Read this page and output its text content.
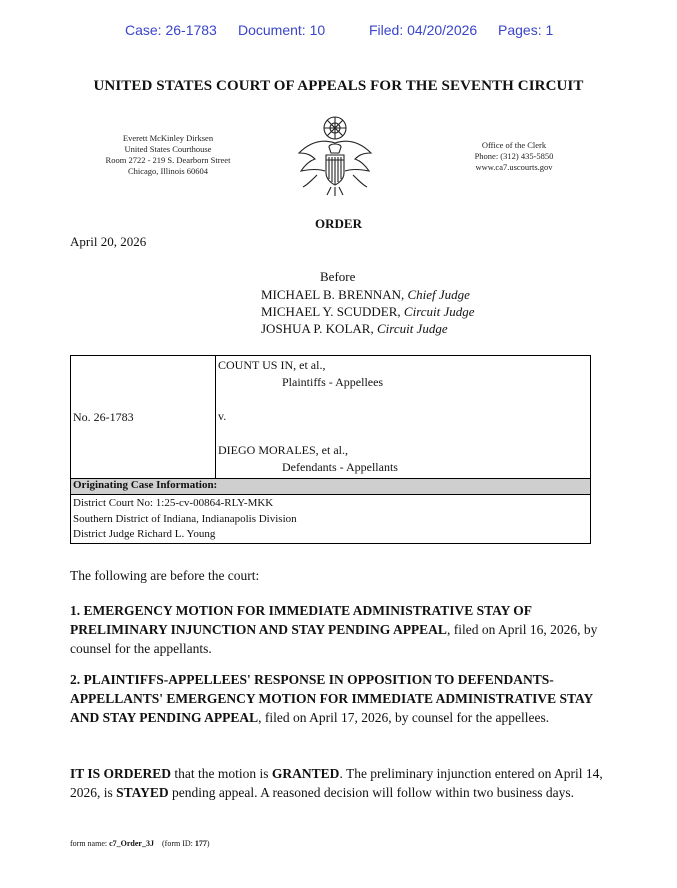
Case: 26-1783 Document: 10	Filed: 04/20/2026 Pages: 1
UNITED STATES COURT OF APPEALS FOR THE SEVENTH CIRCUIT
Everett McKinley Dirksen
United States Courthouse
Room 2722 - 219 S. Dearborn Street
Chicago, Illinois 60604
Office of the Clerk
Phone: (312) 435-5850
www.ca7.uscourts.gov
ORDER
April 20, 2026
Before
MICHAEL B. BRENNAN, Chief Judge
MICHAEL Y. SCUDDER, Circuit Judge
JOSHUA P. KOLAR, Circuit Judge
No. 26-1783	
COUNT US IN, et al.,
Plaintiffs - Appellees
v.
DIEGO MORALES, et al.,
Defendants - Appellants

Originating Case Information:

District Court No: 1:25-cv-00864-RLY-MKK
Southern District of Indiana, Indianapolis Division
District Judge Richard L. Young
The following are before the court:
1. EMERGENCY MOTION FOR IMMEDIATE ADMINISTRATIVE STAY OF PRELIMINARY INJUNCTION AND STAY PENDING APPEAL, filed on April 16, 2026, by counsel for the appellants.
2. PLAINTIFFS-APPELLEES' RESPONSE IN OPPOSITION TO DEFENDANTS-APPELLANTS' EMERGENCY MOTION FOR IMMEDIATE ADMINISTRATIVE STAY AND STAY PENDING APPEAL, filed on April 17, 2026, by counsel for the appellees.
IT IS ORDERED that the motion is GRANTED. The preliminary injunction entered on April 14, 2026, is STAYED pending appeal. A reasoned decision will follow within two business days.
form name: c7_Order_3J (form ID: 177)
